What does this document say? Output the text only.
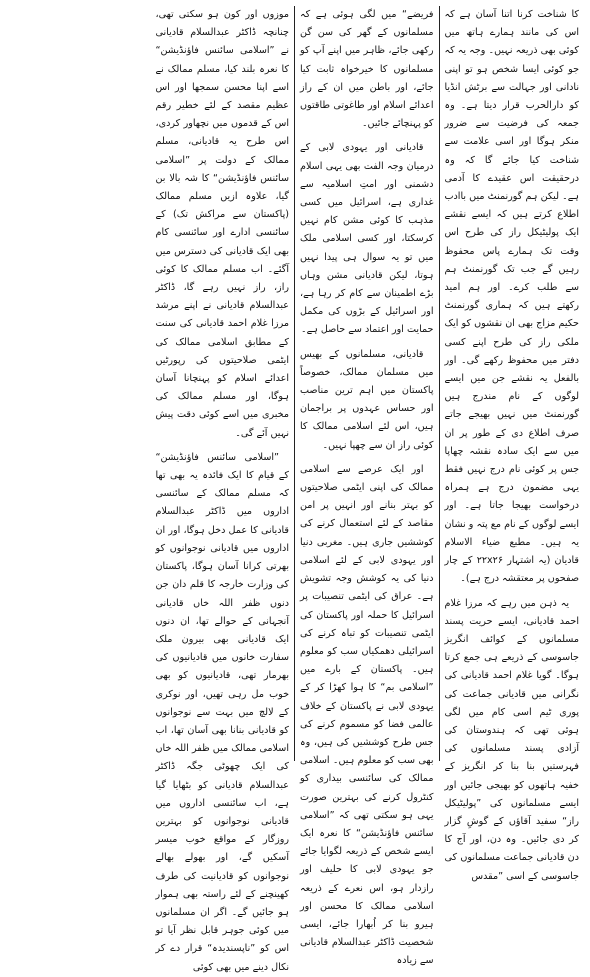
کا شناخت کرنا اتنا آسان ہے کہ اس کی مانند ہمارے ہاتھ میں کوئی بھی ذریعہ نہیں۔ وجہ یہ کہ جو کوئی ایسا شخص ہو تو اپنی نادانی اور جہالت سے برٹش انڈیا کو دارالحرب قرار دیتا ہے۔ وہ جمعہ کی فرضیت سے ضرور منکر ہوگا اور اسی علامت سے شناخت کیا جائے گا کہ وہ درحقیقت اس عقیدے کا آدمی ہے۔ لیکن ہم گورنمنٹ میں باادب اطلاع کرتے ہیں کہ ایسے نقشے ایک پولیٹیکل راز کی طرح اس وقت تک ہمارے پاس محفوظ رہیں گے جب تک گورنمنٹ ہم سے طلب کرے۔ اور ہم امید رکھتے ہیں کہ ہماری گورنمنٹ حکیم مزاج بھی ان نقشوں کو ایک ملکی راز کی طرح اپنے کسی دفتر میں محفوظ رکھے گی۔ اور بالفعل یہ نقشے جن میں ایسے لوگوں کے نام مندرج ہیں گورنمنٹ میں نہیں بھیجے جاتے صرف اطلاع دی کے طور پر ان میں سے ایک سادہ نقشہ چھاپا جس پر کوئی نام درج نہیں فقط یہی مضمون درج ہے ہمراہ درخواست بھیجا جاتا ہے۔ اور ایسے لوگوں کے نام مع پتہ و نشان یہ ہیں۔ مطبع ضیاء الاسلام قادیان (یہ اشتہار ۲۲x۲۶ کے چار صفحوں پر معتقشہ درج ہے)۔

یہ ذہن میں رہے کہ مرزا غلام احمد قادیانی، ایسے حریت پسند مسلمانوں کے کوائف انگریز جاسوسی کے ذریعے ہی جمع کرتا ہوگا۔ گویا غلام احمد قادیانی کی نگرانی میں قادیانی جماعت کی پوری ٹیم اسی کام میں لگی ہوئی تھی کہ ہندوستان کی آزادی پسند مسلمانوں کی فہرستیں بنا بنا کر انگریز کے خفیہ ہاتھوں کو بھیجی جائیں اور ایسے مسلمانوں کی ”پولیٹیکل راز“ سفید آقاؤں کے گوشِ گزار کر دی جائیں۔ وہ دن، اور آج کا دن قادیانی جماعت مسلمانوں کی جاسوسی کے اسی ”مقدس

فریضے“ میں لگی ہوئی ہے کہ مسلمانوں کے گھر کی سن گن رکھی جائے، ظاہر میں اپنے آپ کو مسلمانوں کا خیرخواہ ثابت کیا جائے، اور باطن میں ان کے راز اعدائے اسلام اور طاغوتی طاقتوں کو پہنچائے جائیں۔

قادیانی اور یہودی لابی کے درمیان وجہ الفت بھی یہی اسلام دشمنی اور امتِ اسلامیہ سے غداری ہے، اسرائیل میں کسی مذہب کا کوئی مشن کام نہیں کرسکتا، اور کسی اسلامی ملک میں تو یہ سوال ہی پیدا نہیں ہوتا، لیکن قادیانی مشن وہاں بڑے اطمینان سے کام کر رہا ہے، اور اسرائیل کے بڑوں کی مکمل حمایت اور اعتماد سے حاصل ہے۔

قادیانی، مسلمانوں کے بھیس میں مسلمان ممالک، خصوصاً پاکستان میں اہم ترین مناصب اور حساس عہدوں پر براجمان ہیں، اس لئے اسلامی ممالک کا کوئی راز ان سے چھپا نہیں۔

اور ایک عرصے سے اسلامی ممالک کی اپنی ایٹمی صلاحیتوں کو بہتر بنانے اور انہیں پر امن مقاصد کے لئے استعمال کرنے کی کوششیں جاری ہیں۔ مغربی دنیا اور یہودی لابی کے لئے اسلامی دنیا کی یہ کوشش وجہ تشویش ہے۔ عراق کی ایٹمی تنصیبات پر اسرائیل کا حملہ اور پاکستان کی ایٹمی تنصیبات کو تباہ کرنے کی اسرائیلی دھمکیاں سب کو معلوم ہیں۔ پاکستان کے بارے میں ”اسلامی بم“ کا ہوا کھڑا کر کے یہودی لابی نے پاکستان کے خلاف عالمی فضا کو مسموم کرنے کی جس طرح کوششیں کی ہیں، وہ بھی سب کو معلوم ہیں۔ اسلامی ممالک کی سائنسی بیداری کو کنٹرول کرنے کی بہترین صورت یہی ہو سکتی تھی کہ ”اسلامی سائنس فاؤنڈیشن“ کا نعرہ ایک ایسے شخص کے ذریعہ لگوایا جائے جو یہودی لابی کا حلیف اور رازدار ہو، اس نعرے کے ذریعہ اسلامی ممالک کا محسن اور ہیرو بنا کر اُبھارا جائے، ایسی شخصیت ڈاکٹر عبدالسلام قادیانی سے زیادہ

موزوں اور کون ہو سکتی تھی، چنانچہ ڈاکٹر عبدالسلام قادیانی نے ”اسلامی سائنس فاؤنڈیشن“ کا نعرہ بلند کیا، مسلم ممالک نے اسے اپنا محسن سمجھا اور اس عظیم مقصد کے لئے خطیر رقم اس کے قدموں میں نچھاور کردی، اس طرح یہ قادیانی، مسلم ممالک کے دولت پر ”اسلامی سائنس فاؤنڈیشن“ کا شہ بالا بن گیا، علاوہ ازیں مسلم ممالک (پاکستان سے مراکش تک) کے سائنسی ادارے اور سائنسی کام بھی ایک قادیانی کی دسترس میں آگئے۔ اب مسلم ممالک کا کوئی راز، راز نہیں رہے گا، ڈاکٹر عبدالسلام قادیانی نے اپنے مرشد مرزا غلام احمد قادیانی کی سنت کے مطابق اسلامی ممالک کی ایٹمی صلاحیتوں کی رپورٹیں اعدائے اسلام کو پہنچانا آسان ہوگا، اور مسلم ممالک کی مخبری میں اسے کوئی دقت پیش نہیں آئے گی۔

”اسلامی سائنس فاؤنڈیشن“ کے قیام کا ایک فائدہ یہ بھی تھا کہ مسلم ممالک کے سائنسی اداروں میں ڈاکٹر عبدالسلام قادیانی کا عمل دخل ہوگا، اور ان اداروں میں قادیانی نوجوانوں کو بھرتی کرانا آسان ہوگا، پاکستان کی وزارت خارجہ کا قلم دان جن دنوں ظفر اللہ خاں قادیانی آنجہانی کے حوالے تھا، ان دنوں ایک قادیانی بھی بیرون ملک سفارت خانوں میں قادیانیوں کی بھرمار تھی، قادیانیوں کو بھی خوب مل رہی تھیں، اور نوکری کے لالچ میں بہت سے نوجوانوں کو قادیانی بنانا بھی آسان تھا، اب اسلامی ممالک میں ظفر اللہ خاں کی ایک چھوٹی جگہ ڈاکٹر عبدالسلام قادیانی کو بٹھایا گیا ہے، اب سائنسی اداروں میں قادیانی نوجوانوں کو بہترین روزگار کے مواقع خوب میسر آسکیں گے، اور بھولے بھالے نوجوانوں کو قادیانیت کی طرف کھینچنے کے لئے راستہ بھی ہموار ہو جائیں گے۔ اگر ان مسلمانوں میں کوئی جوہر قابل نظر آیا تو اس کو ”ناپسندیدہ“ قرار دے کر نکال دینے میں بھی کوئی
